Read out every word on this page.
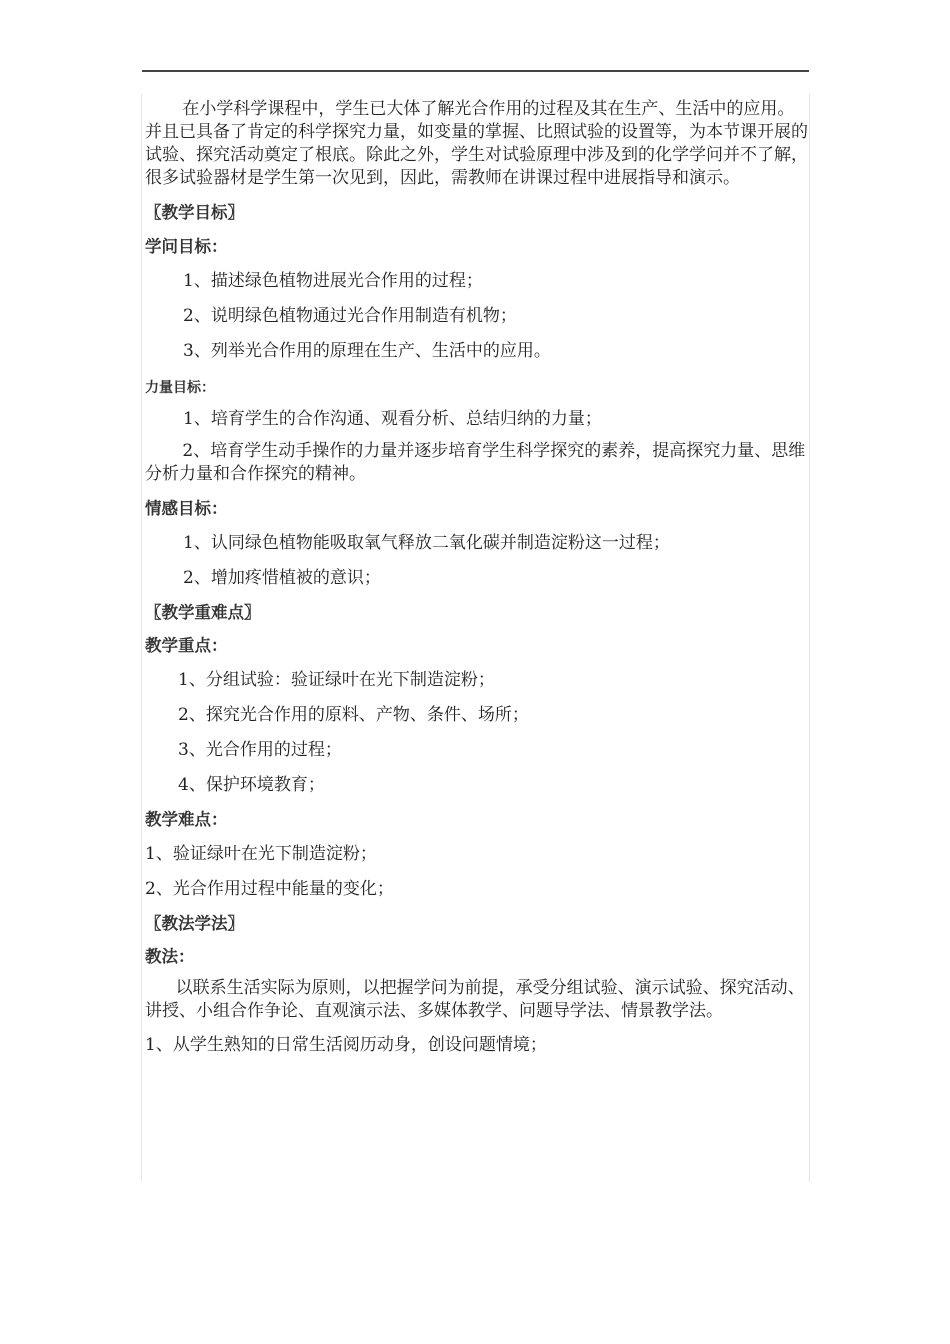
在小学科学课程中，学生已大体了解光合作用的过程及其在生产、生活中的应用。并且已具备了肯定的科学探究力量，如变量的掌握、比照试验的设置等，为本节课开展的试验、探究活动奠定了根底。除此之外，学生对试验原理中涉及到的化学学问并不了解，很多试验器材是学生第一次见到，因此，需教师在讲课过程中进展指导和演示。

〖教学目标〗

学问目标：

1、描述绿色植物进展光合作用的过程；

2、说明绿色植物通过光合作用制造有机物；

3、列举光合作用的原理在生产、生活中的应用。

力量目标：

1、培育学生的合作沟通、观看分析、总结归纳的力量；

2、培育学生动手操作的力量并逐步培育学生科学探究的素养，提高探究力量、思维分析力量和合作探究的精神。

情感目标：

1、认同绿色植物能吸取氧气释放二氧化碳并制造淀粉这一过程；

2、增加疼惜植被的意识；

〖教学重难点〗

教学重点：

1、分组试验：验证绿叶在光下制造淀粉；

2、探究光合作用的原料、产物、条件、场所；

3、光合作用的过程；

4、保护环境教育；

教学难点：

1、验证绿叶在光下制造淀粉；

2、光合作用过程中能量的变化；

〖教法学法〗

教法：

以联系生活实际为原则，以把握学问为前提，承受分组试验、演示试验、探究活动、讲授、小组合作争论、直观演示法、多媒体教学、问题导学法、情景教学法。

1、从学生熟知的日常生活阅历动身，创设问题情境；
